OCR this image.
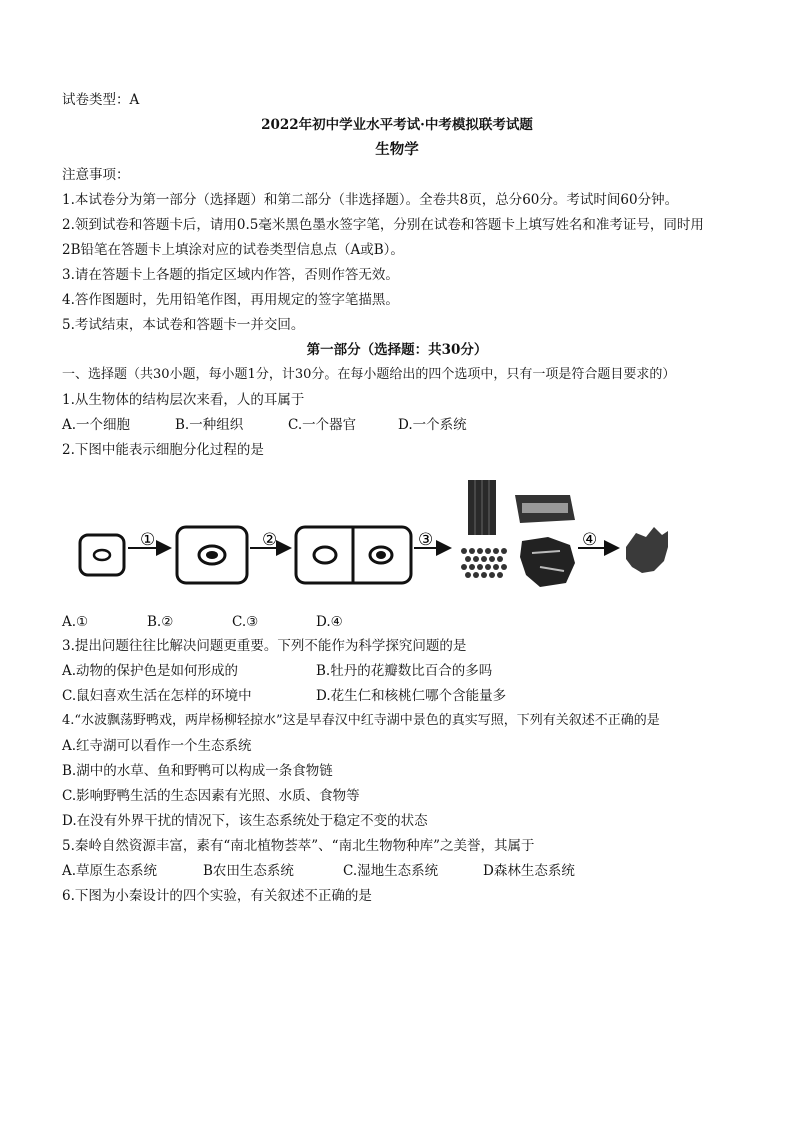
试卷类型：A
2022年初中学业水平考试·中考模拟联考试题
生物学
注意事项：
1.本试卷分为第一部分（选择题）和第二部分（非选择题）。全卷共8页，总分60分。考试时间60分钟。
2.领到试卷和答题卡后，请用0.5毫米黑色墨水签字笔，分别在试卷和答题卡上填写姓名和准考证号，同时用
2B铅笔在答题卡上填涂对应的试卷类型信息点（A或B）。
3.请在答题卡上各题的指定区域内作答，否则作答无效。
4.答作图题时，先用铅笔作图，再用规定的签字笔描黑。
5.考试结束，本试卷和答题卡一并交回。
第一部分（选择题：共30分）
一、选择题（共30小题，每小题1分，计30分。在每小题给出的四个选项中，只有一项是符合题目要求的）
1.从生物体的结构层次来看，人的耳属于
A.一个细胞	B.一种组织	C.一个器官	D.一个系统
2.下图中能表示细胞分化过程的是
①	②	③	④
A.①	B.②	C.③	D.④
3.提出问题往往比解决问题更重要。下列不能作为科学探究问题的是
A.动物的保护色是如何形成的	B.牡丹的花瓣数比百合的多吗
C.鼠妇喜欢生活在怎样的环境中	D.花生仁和核桃仁哪个含能量多
4.“水波飘荡野鸭戏，两岸杨柳轻掠水”这是早春汉中红寺湖中景色的真实写照，下列有关叙述不正确的是
A.红寺湖可以看作一个生态系统
B.湖中的水草、鱼和野鸭可以构成一条食物链
C.影响野鸭生活的生态因素有光照、水质、食物等
D.在没有外界干扰的情况下，该生态系统处于稳定不变的状态
5.秦岭自然资源丰富，素有“南北植物荟萃”、“南北生物物种库”之美誉，其属于
A.草原生态系统	B农田生态系统	C.湿地生态系统	D森林生态系统
6.下图为小秦设计的四个实验，有关叙述不正确的是
